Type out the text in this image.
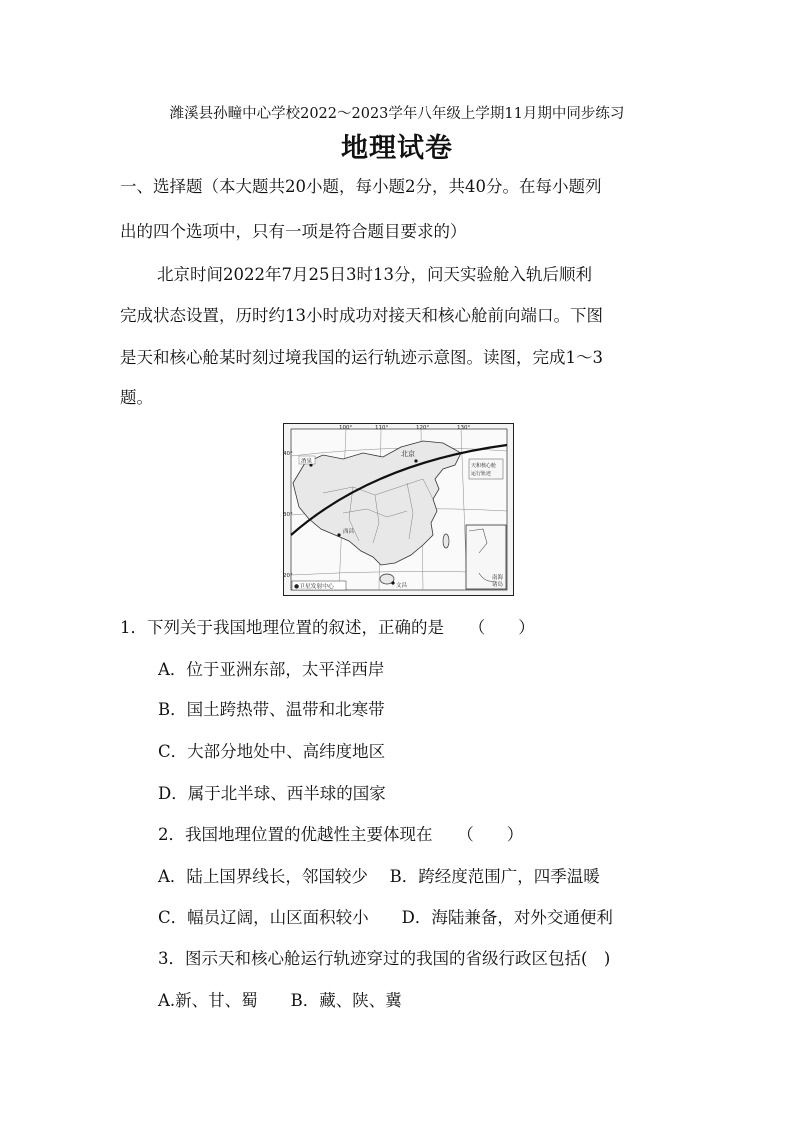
潍溪县孙疃中心学校2022～2023学年八年级上学期11月期中同步练习
地理试卷
一、选择题（本大题共20小题，每小题2分，共40分。在每小题列
出的四个选项中，只有一项是符合题目要求的）
北京时间2022年7月25日3时13分，问天实验舱入轨后顺利
完成状态设置，历时约13小时成功对接天和核心舱前向端口。下图
是天和核心舱某时刻过境我国的运行轨迹示意图。读图，完成1～3
题。
南海
诸岛
天和核心舱
运行轨迹
100°	110°	120°	130°
40°
30°
20°
北京
酒泉
西昌
文昌
●卫星发射中心
1．下列关于我国地理位置的叙述，正确的是　　（　　）
A．位于亚洲东部，太平洋西岸
B．国土跨热带、温带和北寒带
C．大部分地处中、高纬度地区
D．属于北半球、西半球的国家
2．我国地理位置的优越性主要体现在　　（　　）
A．陆上国界线长，邻国较少　 B．跨经度范围广，四季温暖
C．幅员辽阔，山区面积较小　　D．海陆兼备，对外交通便利
3．图示天和核心舱运行轨迹穿过的我国的省级行政区包括(　)
A.新、甘、蜀　　B．藏、陕、冀
